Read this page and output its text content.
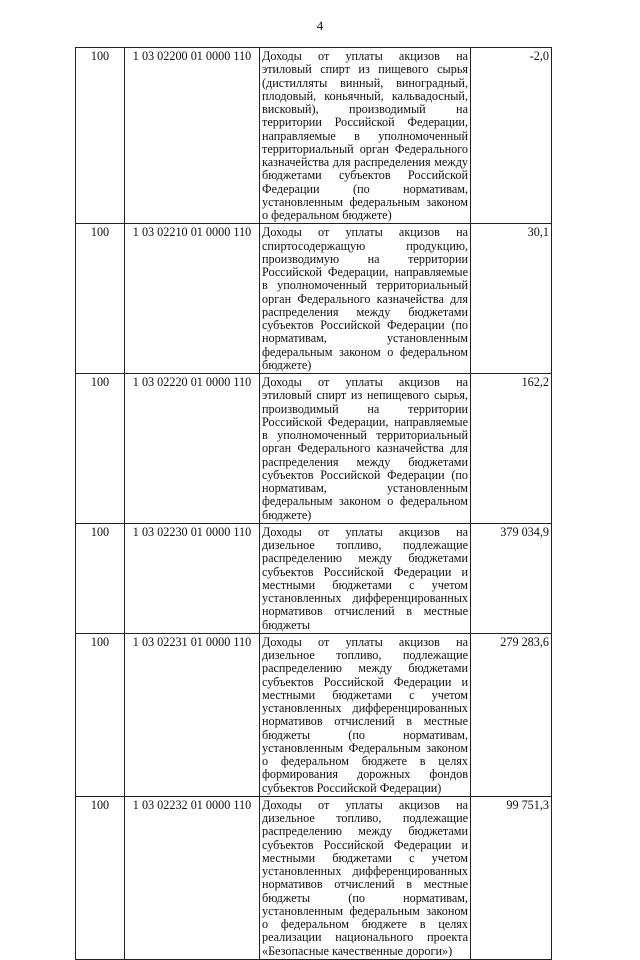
4
100	1 03 02200 01 0000 110	Доходы от уплаты акцизов на этиловый спирт из пищевого сырья (дистилляты винный, виноградный, плодовый, коньячный, кальвадосный, висковый), производимый на территории Российской Федерации, направляемые в уполномоченный территориальный орган Федерального казначейства для распределения между бюджетами субъектов Российской Федерации (по нормативам, установленным федеральным законом о федеральном бюджете)	-2,0
100	1 03 02210 01 0000 110	Доходы от уплаты акцизов на спиртосодержащую продукцию, производимую на территории Российской Федерации, направляемые в уполномоченный территориальный орган Федерального казначейства для распределения между бюджетами субъектов Российской Федерации (по нормативам, установленным федеральным законом о федеральном бюджете)	30,1
100	1 03 02220 01 0000 110	Доходы от уплаты акцизов на этиловый спирт из непищевого сырья, производимый на территории Российской Федерации, направляемые в уполномоченный территориальный орган Федерального казначейства для распределения между бюджетами субъектов Российской Федерации (по нормативам, установленным федеральным законом о федеральном бюджете)	162,2
100	1 03 02230 01 0000 110	Доходы от уплаты акцизов на дизельное топливо, подлежащие распределению между бюджетами субъектов Российской Федерации и местными бюджетами с учетом установленных дифференцированных нормативов отчислений в местные бюджеты	379 034,9
100	1 03 02231 01 0000 110	Доходы от уплаты акцизов на дизельное топливо, подлежащие распределению между бюджетами субъектов Российской Федерации и местными бюджетами с учетом установленных дифференцированных нормативов отчислений в местные бюджеты (по нормативам, установленным Федеральным законом о федеральном бюджете в целях формирования дорожных фондов субъектов Российской Федерации)	279 283,6
100	1 03 02232 01 0000 110	Доходы от уплаты акцизов на дизельное топливо, подлежащие распределению между бюджетами субъектов Российской Федерации и местными бюджетами с учетом установленных дифференцированных нормативов отчислений в местные бюджеты (по нормативам, установленным федеральным законом о федеральном бюджете в целях реализации национального проекта «Безопасные качественные дороги»)	99 751,3
